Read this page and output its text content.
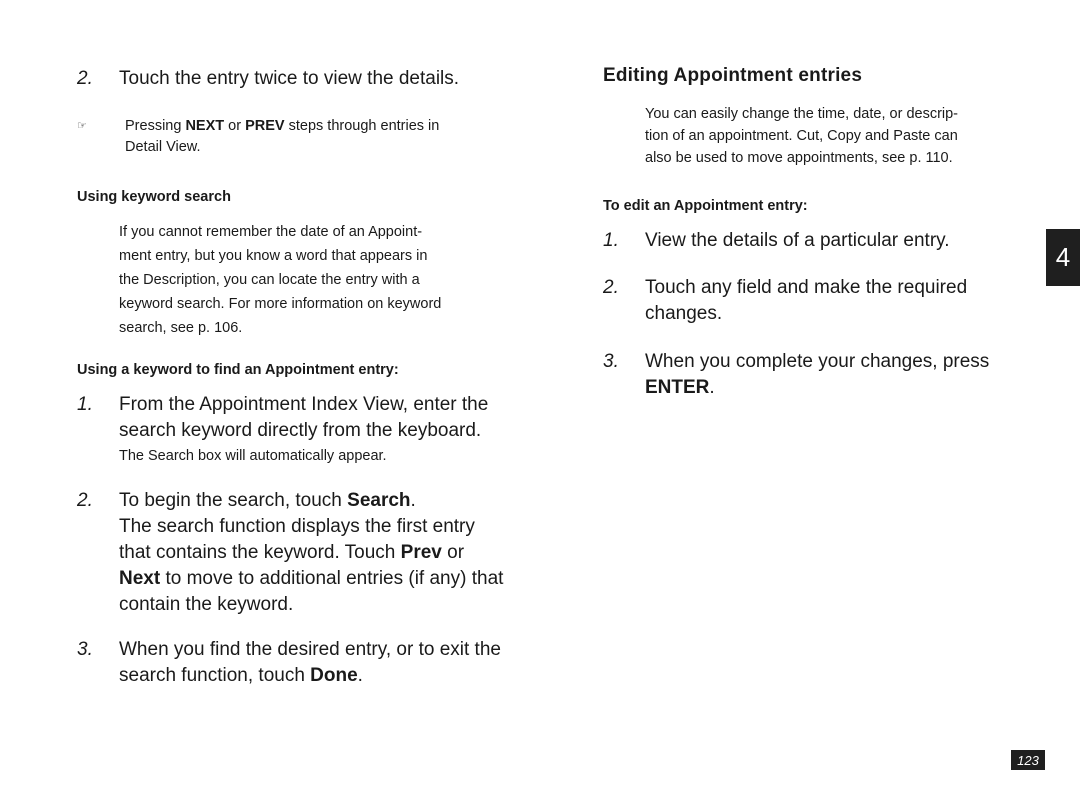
2.	Touch the entry twice to view the details.
☞	Pressing NEXT or PREV steps through entries in
Detail View.
Using keyword search
If you cannot remember the date of an Appoint-
ment entry, but you know a word that appears in
the Description, you can locate the entry with a
keyword search. For more information on keyword
search, see p. 106.
Using a keyword to find an Appointment entry:
1.	From the Appointment Index View, enter the
search keyword directly from the keyboard.
The Search box will automatically appear.
2.	To begin the search, touch Search.
The search function displays the first entry
that contains the keyword. Touch Prev or
Next to move to additional entries (if any) that
contain the keyword.
3.	When you find the desired entry, or to exit the
search function, touch Done.
Editing Appointment entries
You can easily change the time, date, or descrip-
tion of an appointment. Cut, Copy and Paste can
also be used to move appointments, see p. 110.
To edit an Appointment entry:
1.	View the details of a particular entry.
2.	Touch any field and make the required
changes.
3.	When you complete your changes, press
ENTER.
4
123
